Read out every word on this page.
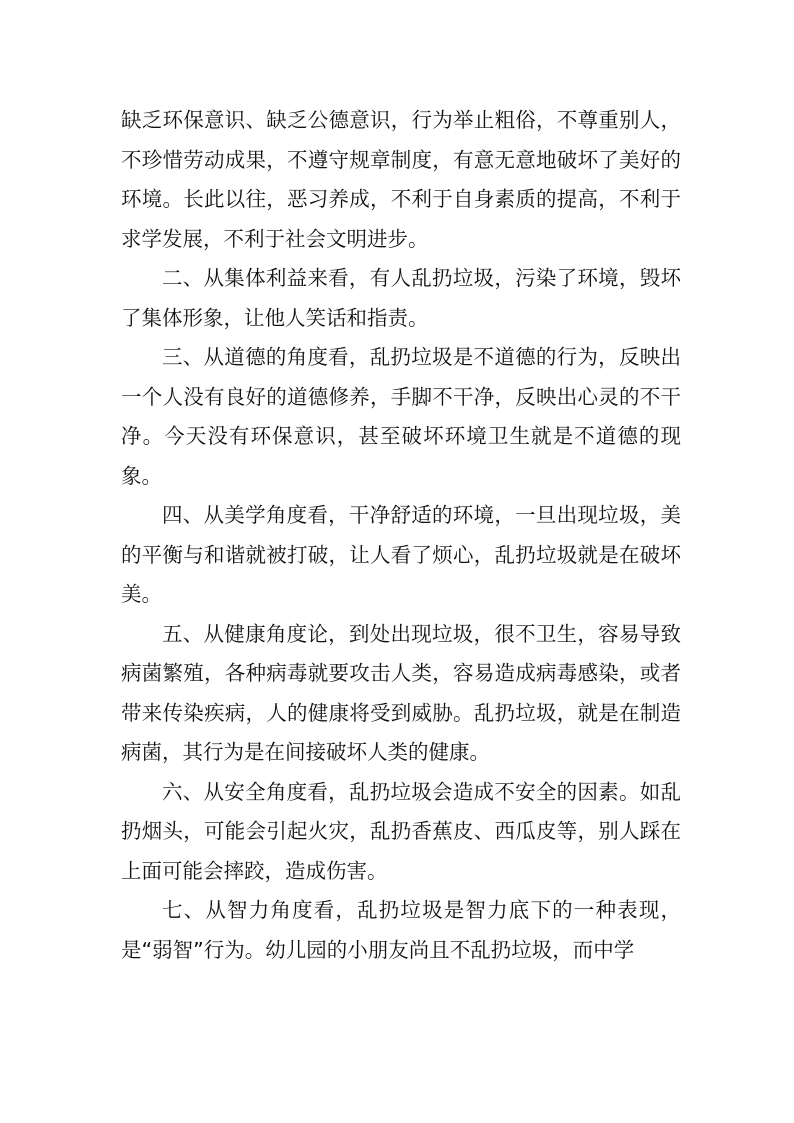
缺乏环保意识、缺乏公德意识，行为举止粗俗，不尊重别人，不珍惜劳动成果，不遵守规章制度，有意无意地破坏了美好的环境。长此以往，恶习养成，不利于自身素质的提高，不利于求学发展，不利于社会文明进步。

二、从集体利益来看，有人乱扔垃圾，污染了环境，毁坏了集体形象，让他人笑话和指责。

三、从道德的角度看，乱扔垃圾是不道德的行为，反映出一个人没有良好的道德修养，手脚不干净，反映出心灵的不干净。今天没有环保意识，甚至破坏环境卫生就是不道德的现象。

四、从美学角度看，干净舒适的环境，一旦出现垃圾，美的平衡与和谐就被打破，让人看了烦心，乱扔垃圾就是在破坏美。

五、从健康角度论，到处出现垃圾，很不卫生，容易导致病菌繁殖，各种病毒就要攻击人类，容易造成病毒感染，或者带来传染疾病，人的健康将受到威胁。乱扔垃圾，就是在制造病菌，其行为是在间接破坏人类的健康。

六、从安全角度看，乱扔垃圾会造成不安全的因素。如乱扔烟头，可能会引起火灾，乱扔香蕉皮、西瓜皮等，别人踩在上面可能会摔跤，造成伤害。

七、从智力角度看，乱扔垃圾是智力底下的一种表现，是“弱智”行为。幼儿园的小朋友尚且不乱扔垃圾，而中学
